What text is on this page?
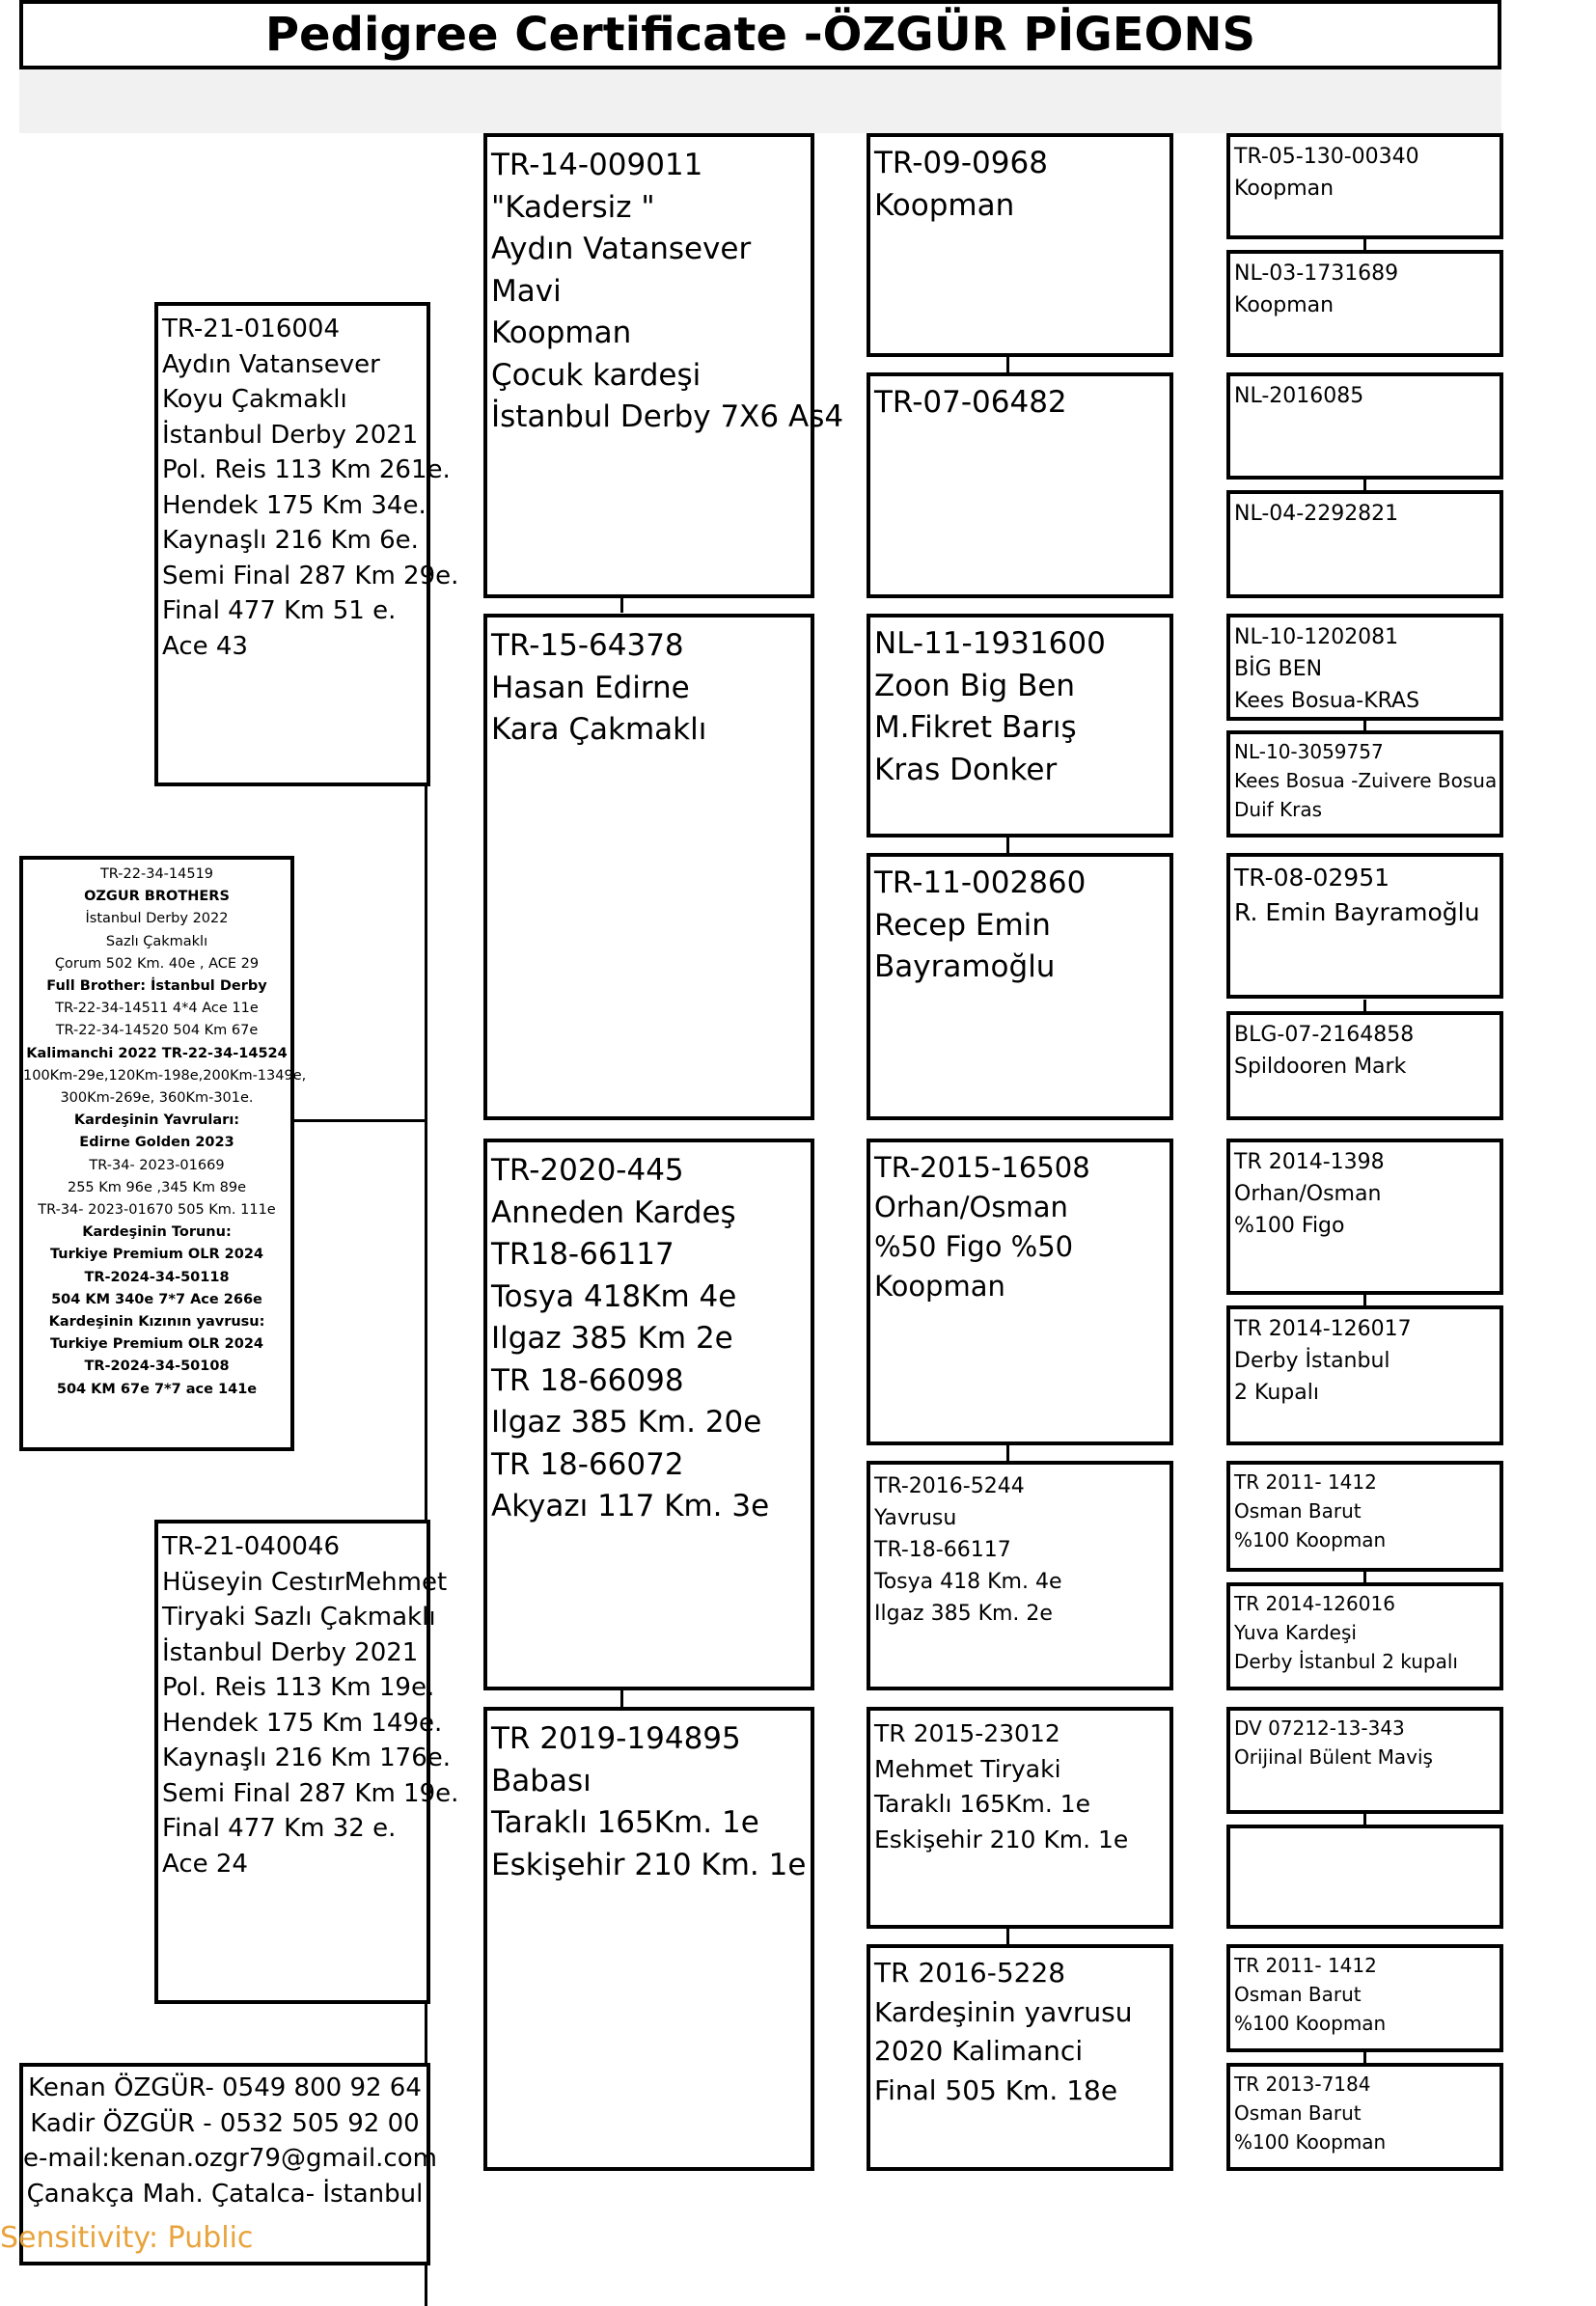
Pedigree Certificate -ÖZGÜR PİGEONS
TR-22-34-14519
OZGUR BROTHERS
İstanbul Derby 2022
Sazlı Çakmaklı
Çorum 502 Km. 40e , ACE 29
Full Brother: İstanbul Derby
TR-22-34-14511 4*4 Ace 11e
TR-22-34-14520 504 Km 67e
Kalimanchi 2022 TR-22-34-14524
100Km-29e,120Km-198e,200Km-1349e,
300Km-269e, 360Km-301e.
Kardeşinin Yavruları:
Edirne Golden 2023
TR-34- 2023-01669
255 Km 96e ,345 Km 89e
TR-34- 2023-01670 505 Km. 111e
Kardeşinin Torunu:
Turkiye Premium OLR 2024
TR-2024-34-50118
504 KM 340e 7*7 Ace 266e
Kardeşinin Kızının yavrusu:
Turkiye Premium OLR 2024
TR-2024-34-50108
504 KM 67e 7*7 ace 141e
TR-21-016004
Aydın Vatansever
Koyu Çakmaklı
İstanbul Derby 2021
Pol. Reis 113 Km 261e.
Hendek 175 Km 34e.
Kaynaşlı 216 Km 6e.
Semi Final 287 Km 29e.
Final 477 Km 51 e.
Ace 43
TR-21-040046
Hüseyin CestırMehmet
Tiryaki Sazlı Çakmaklı
İstanbul Derby 2021
Pol. Reis 113 Km 19e.
Hendek 175 Km 149e.
Kaynaşlı 216 Km 176e.
Semi Final 287 Km 19e.
Final 477 Km 32 e.
Ace 24
Kenan ÖZGÜR- 0549 800 92 64
Kadir ÖZGÜR - 0532 505 92 00
e-mail:kenan.ozgr79@gmail.com
Çanakça Mah. Çatalca- İstanbul
TR-14-009011
"Kadersiz "
Aydın Vatansever
Mavi
Koopman
Çocuk kardeşi
İstanbul Derby 7X6 As4
TR-15-64378
Hasan Edirne
Kara Çakmaklı
TR-2020-445
Anneden Kardeş
TR18-66117
Tosya 418Km 4e
Ilgaz 385 Km 2e
TR 18-66098
Ilgaz 385 Km. 20e
TR 18-66072
Akyazı 117 Km. 3e
TR 2019-194895
Babası
Taraklı 165Km. 1e
Eskişehir 210 Km. 1e
TR-09-0968
Koopman
TR-07-06482
NL-11-1931600
Zoon Big Ben
M.Fikret Barış
Kras Donker
TR-11-002860
Recep Emin
Bayramoğlu
TR-2015-16508
Orhan/Osman
%50 Figo %50
Koopman
TR-2016-5244
Yavrusu
TR-18-66117
Tosya 418 Km. 4e
Ilgaz 385 Km. 2e
TR 2015-23012
Mehmet Tiryaki
Taraklı 165Km. 1e
Eskişehir 210 Km. 1e
TR 2016-5228
Kardeşinin yavrusu
2020 Kalimanci
Final 505 Km. 18e
TR-05-130-00340
Koopman
NL-03-1731689
Koopman
NL-2016085
NL-04-2292821
NL-10-1202081
BİG BEN
Kees Bosua-KRAS
NL-10-3059757
Kees Bosua -Zuivere Bosua
Duif Kras
TR-08-02951
R. Emin Bayramoğlu
BLG-07-2164858
Spildooren Mark
TR 2014-1398
Orhan/Osman
%100 Figo
TR 2014-126017
Derby İstanbul
2 Kupalı
TR 2011- 1412
Osman Barut
%100 Koopman
TR 2014-126016
Yuva Kardeşi
Derby İstanbul 2 kupalı
DV 07212-13-343
Orijinal Bülent Maviş
TR 2011- 1412
Osman Barut
%100 Koopman
TR 2013-7184
Osman Barut
%100 Koopman
Sensitivity: Public
